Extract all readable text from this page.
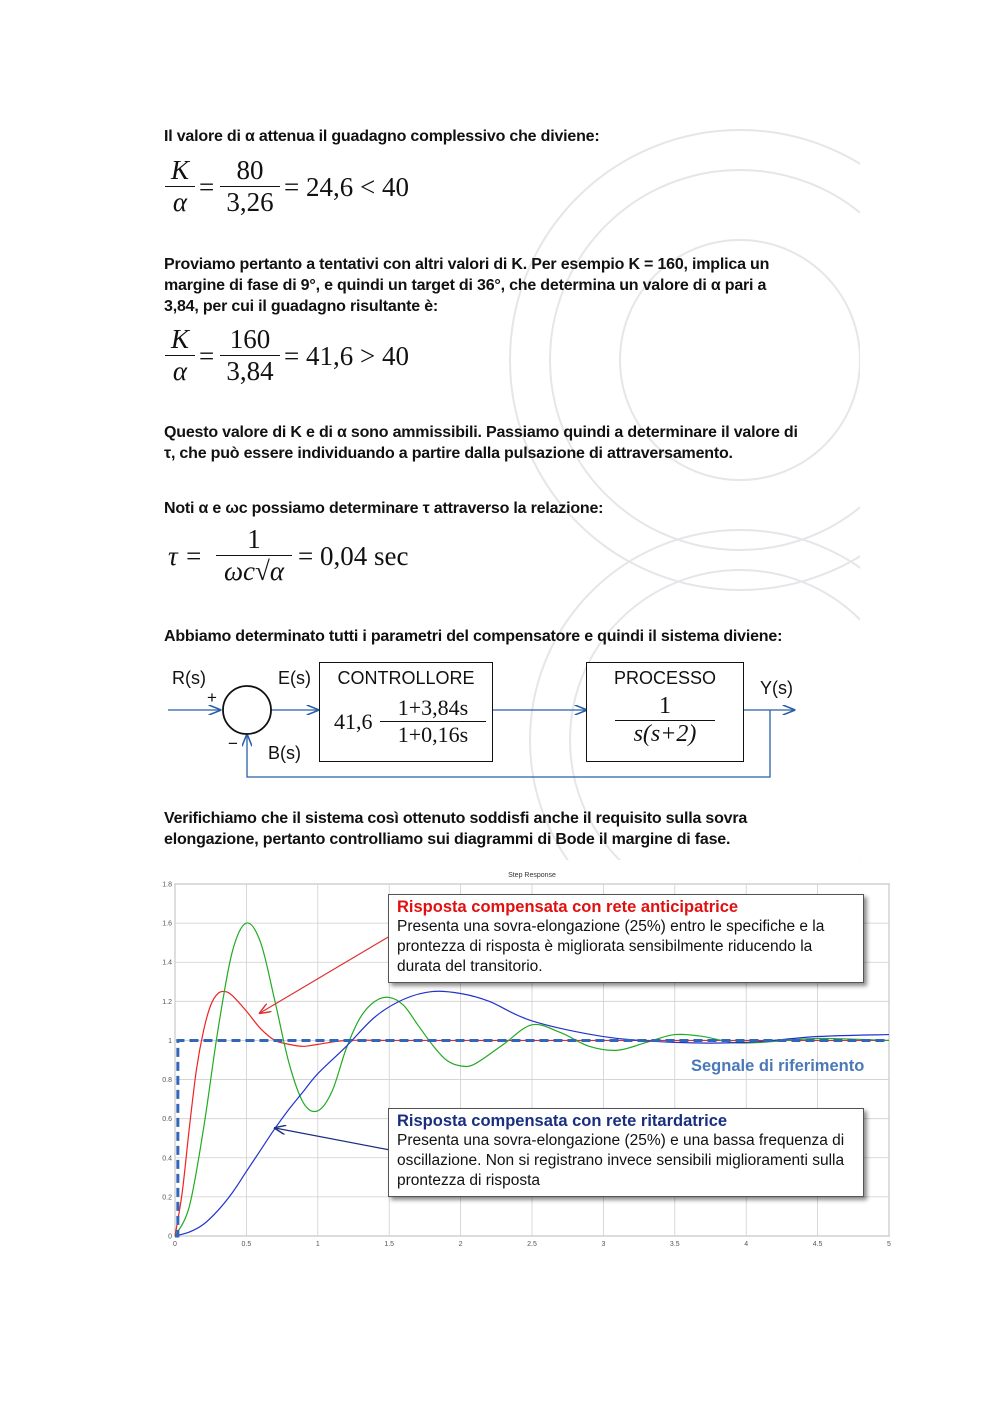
Il valore di α attenua il guadagno complessivo che diviene:
$\frac{K}{\alpha} = \frac{80}{3,26} = 24,6 < 40$
Proviamo pertanto a tentativi con altri valori di K. Per esempio K = 160, implica un
margine di fase di 9°, e quindi un target di 36°, che determina un valore di α pari a
3,84, per cui il guadagno risultante è:
$\frac{K}{\alpha} = \frac{160}{3,84} = 41,6 > 40$
Questo valore di K e di α sono ammissibili. Passiamo quindi a determinare il valore di
τ, che può essere individuando a partire dalla pulsazione di attraversamento.
Noti α e ωc possiamo determinare τ attraverso la relazione:
$\tau = \frac{1}{\omega c√\alpha} = 0,04$ sec
Abbiamo determinato tutti i parametri del compensatore e quindi il sistema diviene:
R(s)
+
−
E(s)
B(s)
Y(s)
CONTROLLORE
$41,6 \frac{1+3,84s}{1+0,16s}$
PROCESSO
$\frac{1}{s(s+2)}$
Verifichiamo che il sistema così ottenuto soddisfi anche il requisito sulla sovra
elongazione, pertanto controlliamo sui diagrammi di Bode il margine di fase.
Step Response
0	0.5	1	1.5	2	2.5	3	3.5	4	4.5	5
0
0.2
0.4
0.6
0.8
1
1.2
1.4
1.6
1.8
Risposta compensata con rete anticipatrice
Presenta una sovra-elongazione (25%) entro le specifiche e la prontezza di risposta è migliorata sensibilmente riducendo la durata del transitorio.
Risposta compensata con rete ritardatrice
Presenta una sovra-elongazione (25%) e una bassa frequenza di oscillazione. Non si registrano invece sensibili miglioramenti sulla prontezza di risposta
Segnale di riferimento
